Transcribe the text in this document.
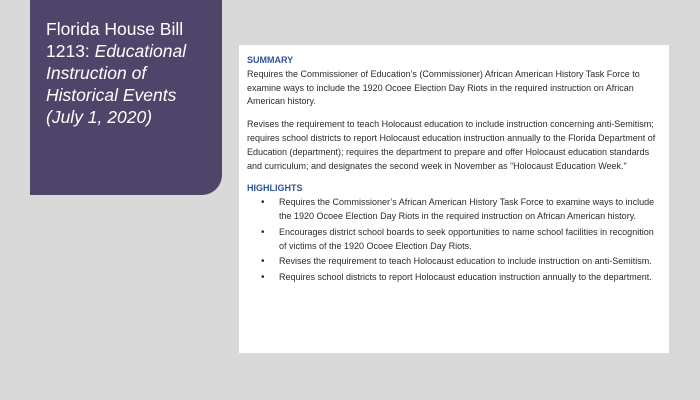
Florida House Bill
1213: Educational
Instruction of
Historical Events
(July 1, 2020)
SUMMARY

Requires the Commissioner of Education’s (Commissioner) African American History Task Force to examine ways to include the 1920 Ocoee Election Day Riots in the required instruction on African American history.

Revises the requirement to teach Holocaust education to include instruction concerning anti-Semitism; requires school districts to report Holocaust education instruction annually to the Florida Department of Education (department); requires the department to prepare and offer Holocaust education standards and curriculum; and designates the second week in November as “Holocaust Education Week.”

HIGHLIGHTS
• Requires the Commissioner’s African American History Task Force to examine ways to include the 1920 Ocoee Election Day Riots in the required instruction on African American history.
• Encourages district school boards to seek opportunities to name school facilities in recognition of victims of the 1920 Ocoee Election Day Riots.
• Revises the requirement to teach Holocaust education to include instruction on anti-Semitism.
• Requires school districts to report Holocaust education instruction annually to the department.
